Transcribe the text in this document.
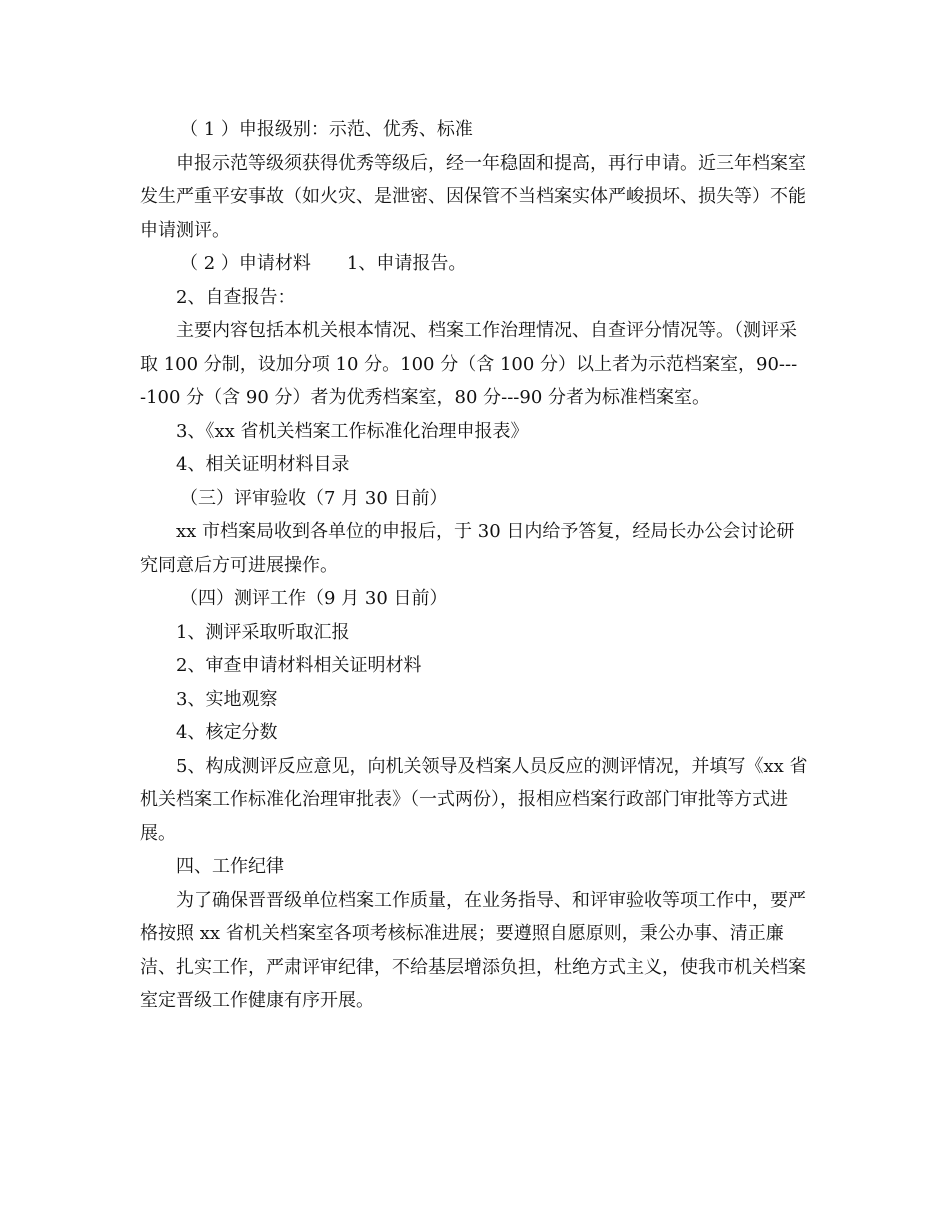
（ 1 ）申报级别：示范、优秀、标准

申报示范等级须获得优秀等级后，经一年稳固和提高，再行申请。近三年档案室发生严重平安事故（如火灾、是泄密、因保管不当档案实体严峻损坏、损失等）不能申请测评。

（ 2 ）申请材料 1、申请报告。

2、自查报告：

主要内容包括本机关根本情况、档案工作治理情况、自查评分情况等。（测评采取 100 分制，设加分项 10 分。100 分（含 100 分）以上者为示范档案室，90----100 分（含 90 分）者为优秀档案室，80 分---90 分者为标准档案室。

3、《xx 省机关档案工作标准化治理申报表》

4、相关证明材料目录

（三）评审验收（7 月 30 日前）

xx 市档案局收到各单位的申报后，于 30 日内给予答复，经局长办公会讨论研究同意后方可进展操作。

（四）测评工作（9 月 30 日前）

1、测评采取听取汇报

2、审查申请材料相关证明材料

3、实地观察

4、核定分数

5、构成测评反应意见，向机关领导及档案人员反应的测评情况，并填写《xx 省机关档案工作标准化治理审批表》（一式两份），报相应档案行政部门审批等方式进展。

四、工作纪律

为了确保晋晋级单位档案工作质量，在业务指导、和评审验收等项工作中，要严格按照 xx 省机关档案室各项考核标准进展；要遵照自愿原则，秉公办事、清正廉洁、扎实工作，严肃评审纪律，不给基层增添负担，杜绝方式主义，使我市机关档案室定晋级工作健康有序开展。
